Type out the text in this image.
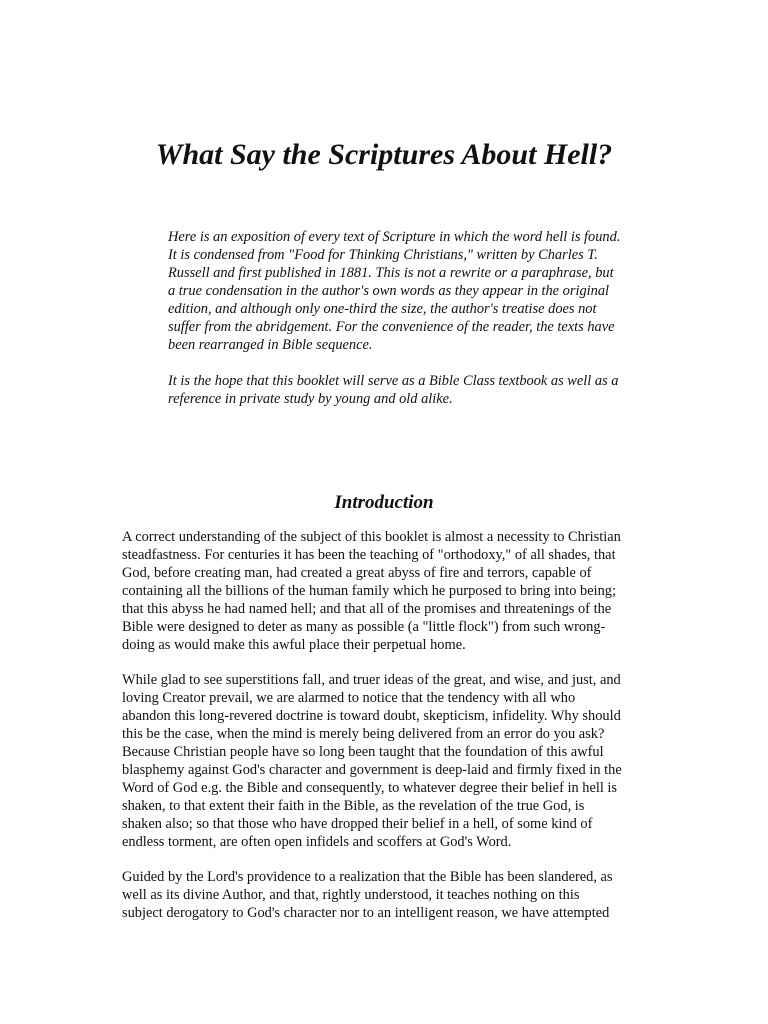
What Say the Scriptures About Hell?

Here is an exposition of every text of Scripture in which the word hell is found.
It is condensed from "Food for Thinking Christians," written by Charles T.
Russell and first published in 1881. This is not a rewrite or a paraphrase, but
a true condensation in the author's own words as they appear in the original
edition, and although only one-third the size, the author's treatise does not
suffer from the abridgement. For the convenience of the reader, the texts have
been rearranged in Bible sequence.

It is the hope that this booklet will serve as a Bible Class textbook as well as a
reference in private study by young and old alike.

Introduction

A correct understanding of the subject of this booklet is almost a necessity to Christian
steadfastness. For centuries it has been the teaching of "orthodoxy," of all shades, that
God, before creating man, had created a great abyss of fire and terrors, capable of
containing all the billions of the human family which he purposed to bring into being;
that this abyss he had named hell; and that all of the promises and threatenings of the
Bible were designed to deter as many as possible (a "little flock") from such wrong-
doing as would make this awful place their perpetual home.

While glad to see superstitions fall, and truer ideas of the great, and wise, and just, and
loving Creator prevail, we are alarmed to notice that the tendency with all who
abandon this long-revered doctrine is toward doubt, skepticism, infidelity. Why should
this be the case, when the mind is merely being delivered from an error do you ask?
Because Christian people have so long been taught that the foundation of this awful
blasphemy against God's character and government is deep-laid and firmly fixed in the
Word of God e.g. the Bible and consequently, to whatever degree their belief in hell is
shaken, to that extent their faith in the Bible, as the revelation of the true God, is
shaken also; so that those who have dropped their belief in a hell, of some kind of
endless torment, are often open infidels and scoffers at God's Word.

Guided by the Lord's providence to a realization that the Bible has been slandered, as
well as its divine Author, and that, rightly understood, it teaches nothing on this
subject derogatory to God's character nor to an intelligent reason, we have attempted
